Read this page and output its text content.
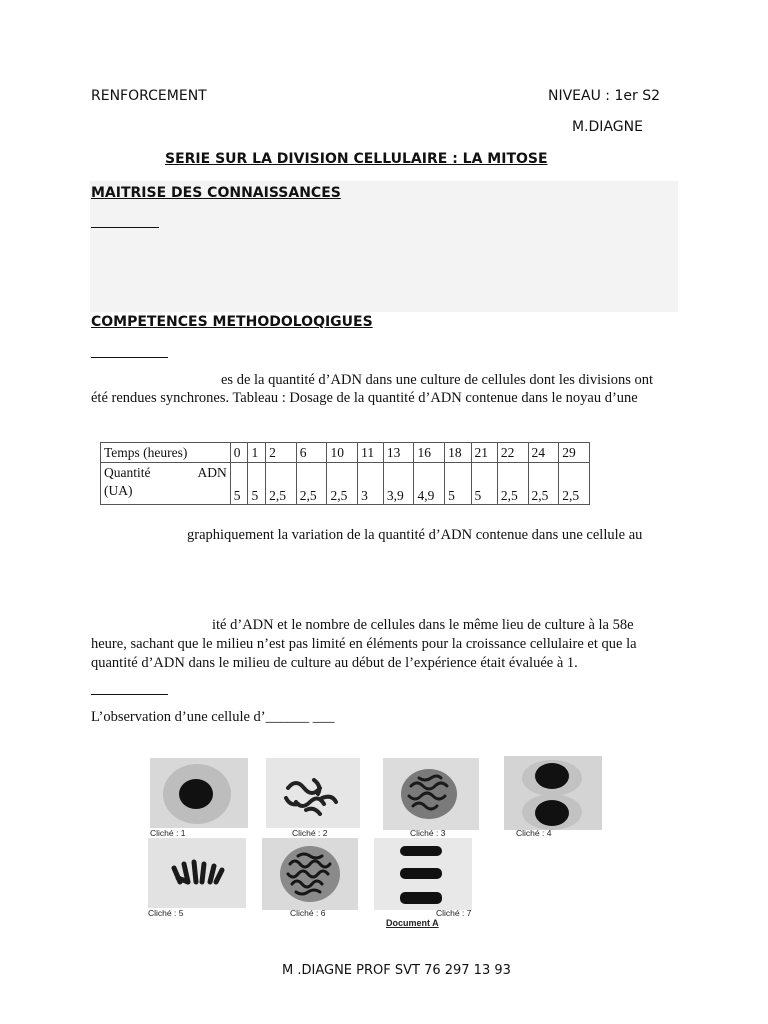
RENFORCEMENT	NIVEAU : 1er S2
M.DIAGNE
SERIE SUR LA DIVISION CELLULAIRE : LA MITOSE
MAITRISE DES CONNAISSANCES
COMPETENCES METHODOLOQIGUES
es de la quantité d’ADN dans une culture de cellules dont les divisions ont
été rendues synchrones. Tableau : Dosage de la quantité d’ADN contenue dans le noyau d’une
Temps (heures)	0	1	2	6	10	11	13	16	18	21	22	24	29

Quantité ADN
(UA)	5	5	2,5	2,5	2,5	3	3,9	4,9	5	5	2,5	2,5	2,5
graphiquement la variation de la quantité d’ADN contenue dans une cellule au
ité d’ADN et le nombre de cellules dans le même lieu de culture à la 58e
heure, sachant que le milieu n’est pas limité en éléments pour la croissance cellulaire et que la
quantité d’ADN dans le milieu de culture au début de l’expérience était évaluée à 1.
L’observation d’une cellule d’______ ___
Cliché : 1	Cliché : 2	Cliché : 3	Cliché : 4
Cliché : 5	Cliché : 6	Cliché : 7
Document A
M .DIAGNE PROF SVT 76 297 13 93
